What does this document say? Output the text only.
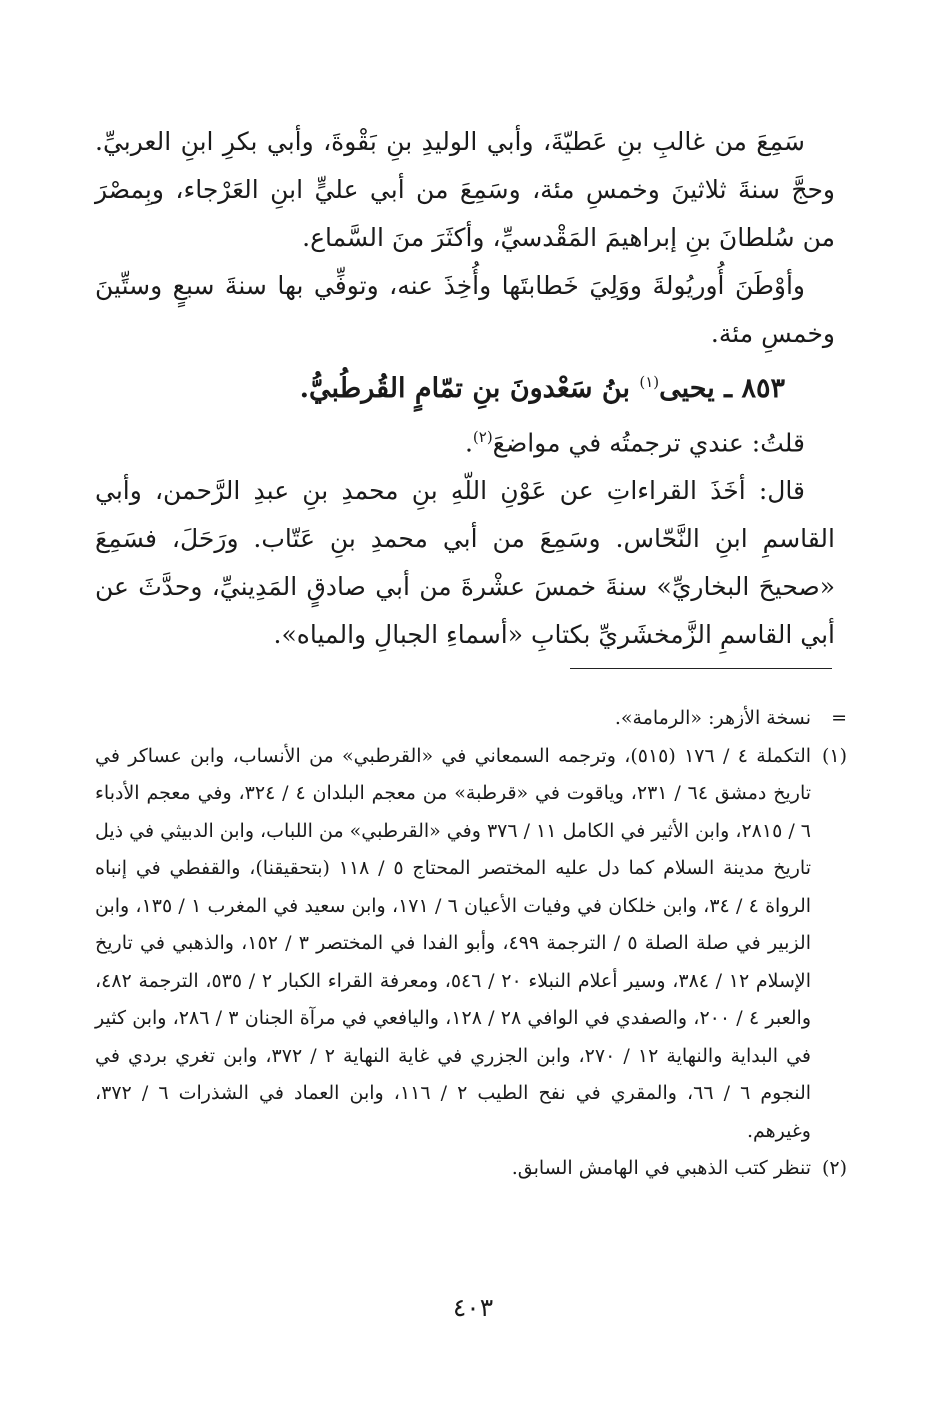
سَمِعَ من غالبِ بنِ عَطيّةَ، وأبي الوليدِ بنِ بَقْوةَ، وأبي بكرِ ابنِ العربيِّ. وحجَّ سنةَ ثلاثينَ وخمسِ مئة، وسَمِعَ من أبي عليٍّ ابنِ العَرْجاء، وبِمصْرَ من سُلطانَ بنِ إبراهيمَ المَقْدسيِّ، وأكثَرَ منَ السَّماع.

وأوْطَنَ أُوريُولةَ ووَلِيَ خَطابتَها وأُخِذَ عنه، وتوفِّي بها سنةَ سبعٍ وستِّينَ وخمسِ مئة.

٨٥٣ ـ يحيى$^{(١)}$ بنُ سَعْدونَ بنِ تمّامٍ القُرطُبيُّ.

قلتُ: عندي ترجمتُه في مواضعَ$^{(٢)}$.

قال: أخَذَ القراءاتِ عن عَوْنِ اللّهِ بنِ محمدِ بنِ عبدِ الرَّحمن، وأبي القاسمِ ابنِ النَّحّاس. وسَمِعَ من أبي محمدِ بنِ عَتّاب. ورَحَلَ، فسَمِعَ «صحيحَ البخاريِّ» سنةَ خمسَ عشْرةَ من أبي صادقٍ المَدِينيِّ، وحدَّثَ عن أبي القاسمِ الزَّمخشَريِّ بكتابِ «أسماءِ الجبالِ والمياه».

=
نسخة الأزهر: «الرمامة».
(١)
التكملة ٤ / ١٧٦ (٥١٥)، وترجمه السمعاني في «القرطبي» من الأنساب، وابن عساكر في تاريخ دمشق ٦٤ / ٢٣١، وياقوت في «قرطبة» من معجم البلدان ٤ / ٣٢٤، وفي معجم الأدباء ٦ / ٢٨١٥، وابن الأثير في الكامل ١١ / ٣٧٦ وفي «القرطبي» من اللباب، وابن الدبيثي في ذيل تاريخ مدينة السلام كما دل عليه المختصر المحتاج ٥ / ١١٨ (بتحقيقنا)، والقفطي في إنباه الرواة ٤ / ٣٤، وابن خلكان في وفيات الأعيان ٦ / ١٧١، وابن سعيد في المغرب ١ / ١٣٥، وابن الزبير في صلة الصلة ٥ / الترجمة ٤٩٩، وأبو الفدا في المختصر ٣ / ١٥٢، والذهبي في تاريخ الإسلام ١٢ / ٣٨٤، وسير أعلام النبلاء ٢٠ / ٥٤٦، ومعرفة القراء الكبار ٢ / ٥٣٥، الترجمة ٤٨٢، والعبر ٤ / ٢٠٠، والصفدي في الوافي ٢٨ / ١٢٨، واليافعي في مرآة الجنان ٣ / ٢٨٦، وابن كثير في البداية والنهاية ١٢ / ٢٧٠، وابن الجزري في غاية النهاية ٢ / ٣٧٢، وابن تغري بردي في النجوم ٦ / ٦٦، والمقري في نفح الطيب ٢ / ١١٦، وابن العماد في الشذرات ٦ / ٣٧٢، وغيرهم.
(٢)
تنظر كتب الذهبي في الهامش السابق.
٤٠٣
